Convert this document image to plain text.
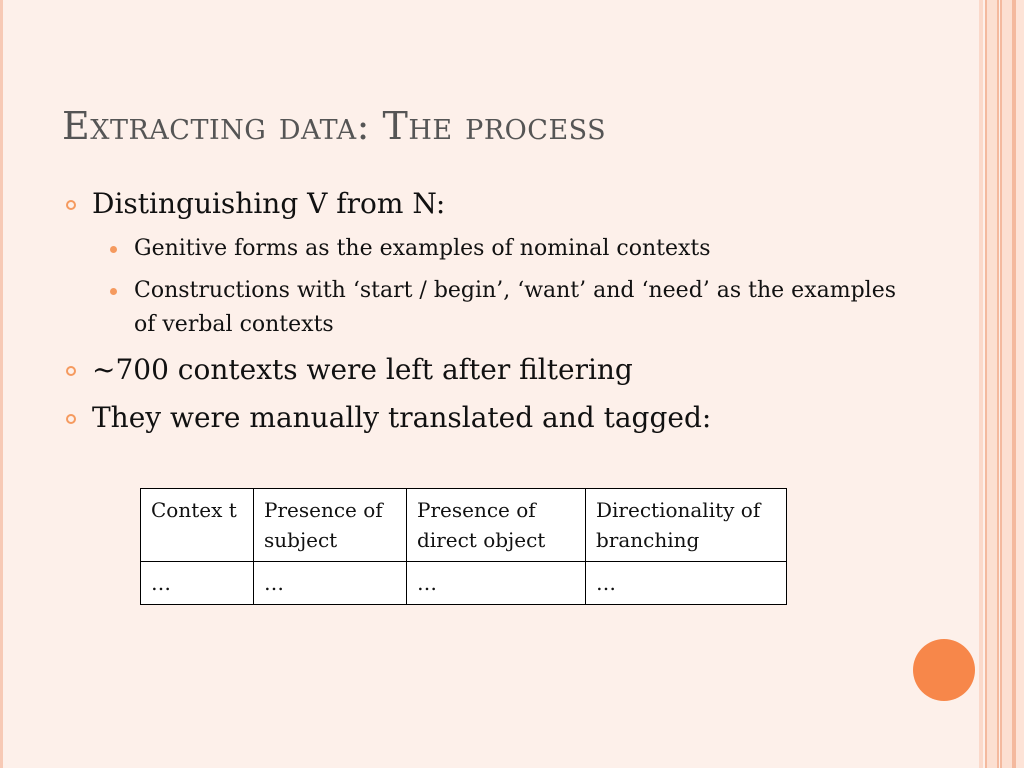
Extracting data: The process
Distinguishing V from N:
Genitive forms as the examples of nominal contexts
Constructions with ‘start / begin’, ‘want’ and ‘need’ as the examples of verbal contexts
~700 contexts were left after filtering
They were manually translated and tagged:
Contex t	Presence of subject	Presence of direct object	Directionality of branching
…	…	…	…
